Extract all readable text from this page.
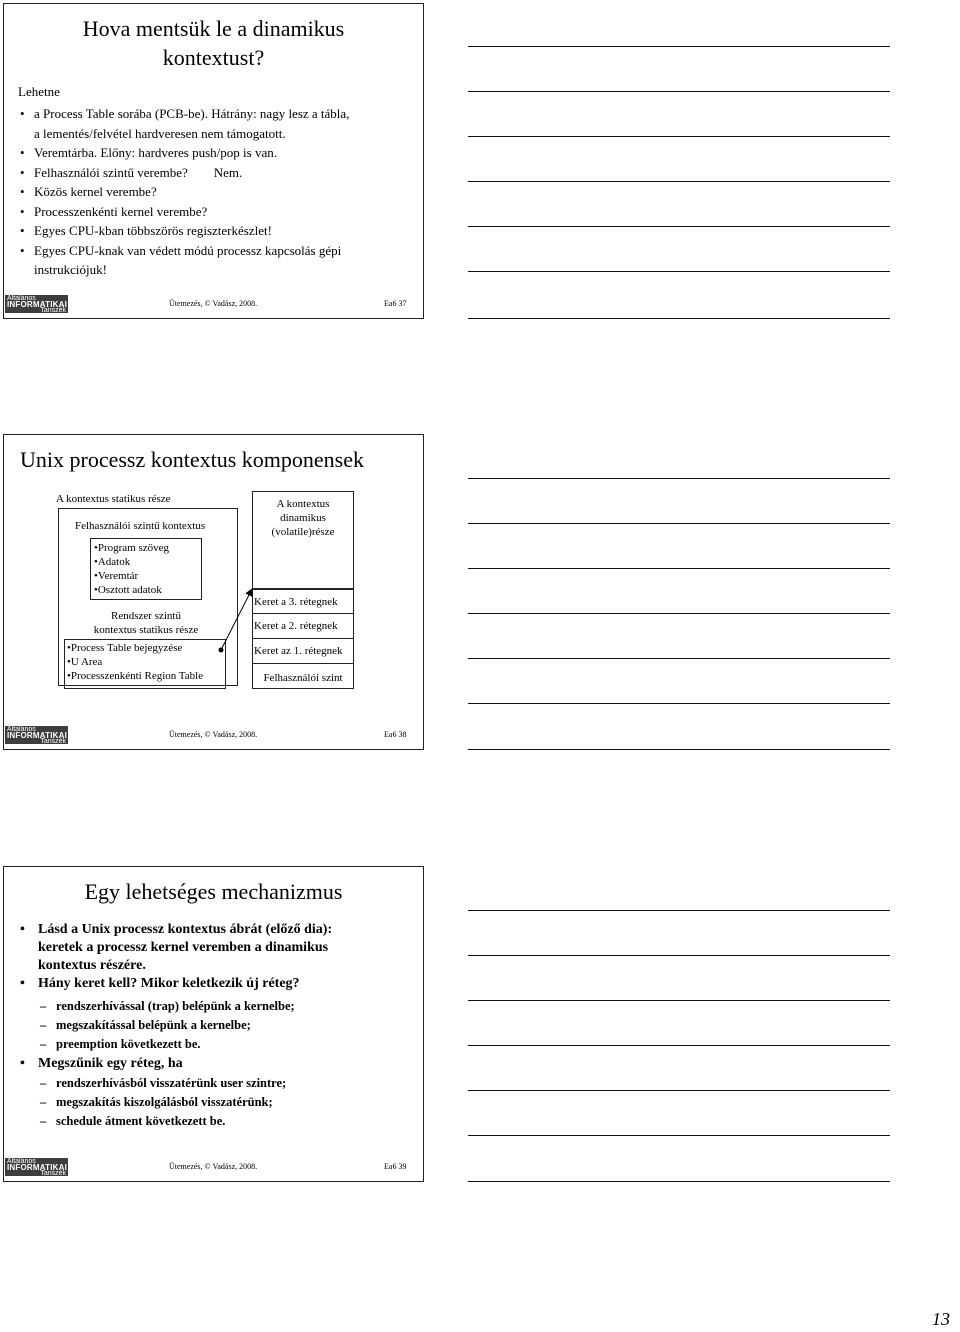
Hova mentsük le a dinamikus
kontextust?
Lehetne
• a Process Table sorába (PCB-be). Hátrány: nagy lesz a tábla,
a lementés/felvétel hardveresen nem támogatott.
• Veremtárba. Előny: hardveres push/pop is van.
• Felhasználói szintű verembe?        Nem.
• Közös kernel verembe?
• Processzenkénti kernel verembe?
• Egyes CPU-kban többszörös regiszterkészlet!
• Egyes CPU-knak van védett módú processz kapcsolás gépi
instrukciójuk!
Általános
INFORMATIKAI
Tanszék
Ütemezés, © Vadász, 2008.	Ea6 37
Unix processz kontextus komponensek
A kontextus statikus része
Felhasználói szintű kontextus
•Program szöveg
•Adatok
•Veremtár
•Osztott adatok
Rendszer szintű
kontextus statikus része
•Process Table bejegyzése
•U Area
•Processzenkénti Region Table
A kontextus
dinamikus
(volatile)része
Keret a 3. rétegnek
Keret a 2. rétegnek
Keret az 1. rétegnek
Felhasználói szint
Általános
INFORMATIKAI
Tanszék
Ütemezés, © Vadász, 2008.	Ea6 38
Egy lehetséges mechanizmus
• Lásd a Unix processz kontextus ábrát (előző dia):
keretek a processz kernel veremben a dinamikus
kontextus részére.
• Hány keret kell? Mikor keletkezik új réteg?
– rendszerhívással (trap) belépünk a kernelbe;
– megszakítással belépünk a kernelbe;
– preemption következett be.
• Megszűnik egy réteg, ha
– rendszerhívásból visszatérünk user szintre;
– megszakítás kiszolgálásból visszatérünk;
– schedule átment következett be.
Általános
INFORMATIKAI
Tanszék
Ütemezés, © Vadász, 2008.	Ea6 39
13
